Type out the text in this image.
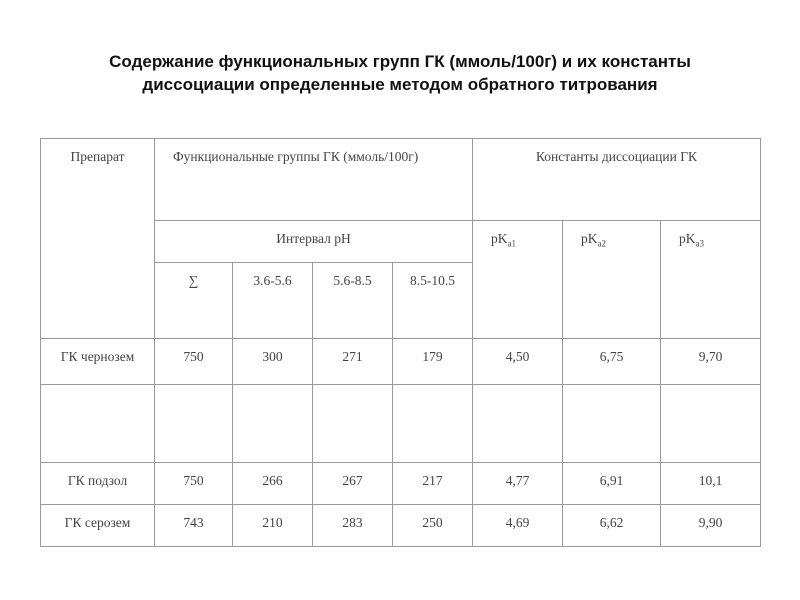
Содержание функциональных групп ГК (ммоль/100г) и их константы
диссоциации определенные методом обратного титрования
Препарат	Функциональные группы ГК (ммоль/100г)				Константы диссоциации ГК		
	Интервал pH				$pK_{a1}$	$pK_{a2}$	$pK_{a3}$
	∑	3.6-5.6	5.6-8.5	8.5-10.5			
ГК чернозем	750	300	271	179	4,50	6,75	9,70

ГК подзол	750	266	267	217	4,77	6,91	10,1
ГК серозем	743	210	283	250	4,69	6,62	9,90
